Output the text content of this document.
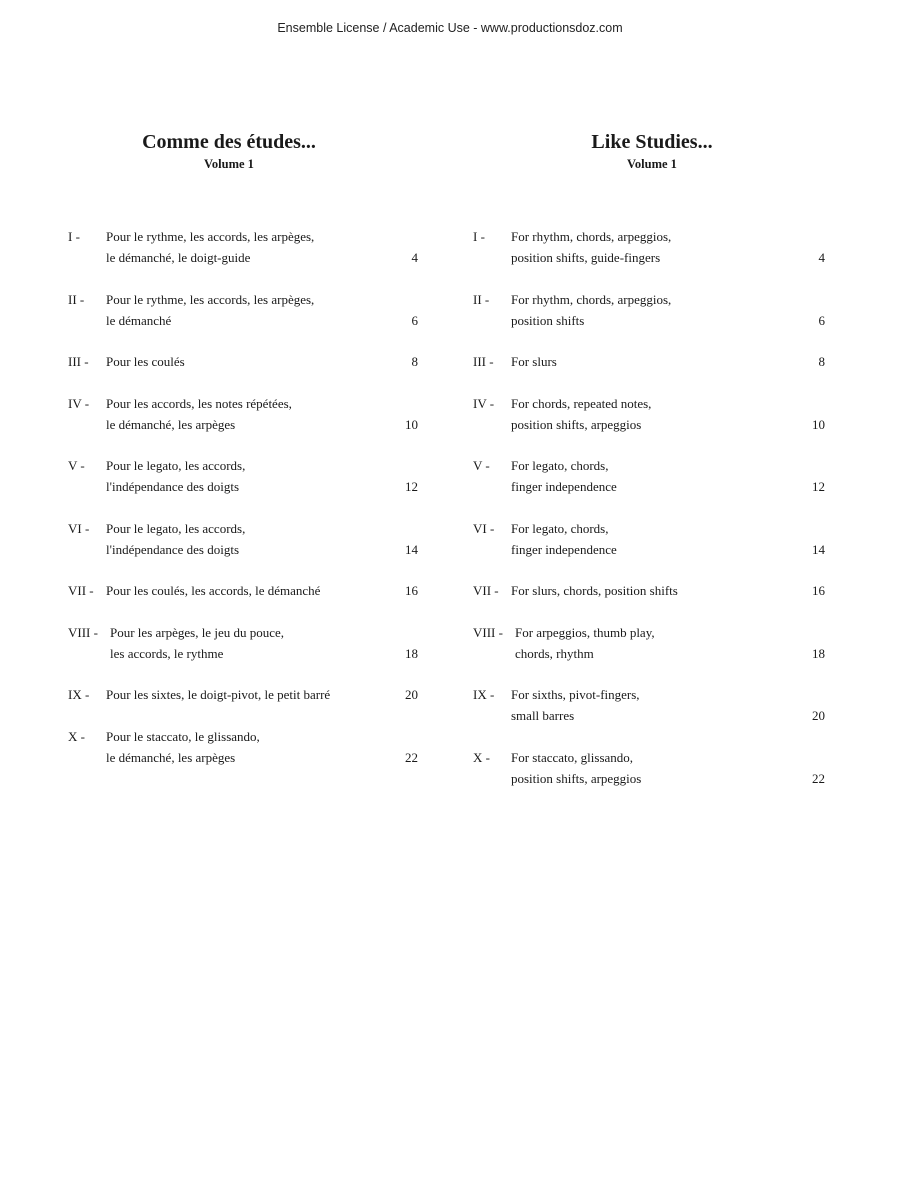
Ensemble License / Academic Use - www.productionsdoz.com
Comme des études...
Volume 1
I - Pour le rythme, les accords, les arpèges,
le démanché, le doigt-guide	4
II - Pour le rythme, les accords, les arpèges,
le démanché	6
III - Pour les coulés	8
IV - Pour les accords, les notes répétées,
le démanché, les arpèges	10
V - Pour le legato, les accords,
l'indépendance des doigts	12
VI - Pour le legato, les accords,
l'indépendance des doigts	14
VII - Pour les coulés, les accords, le démanché	16
VIII - Pour les arpèges, le jeu du pouce,
les accords, le rythme	18
IX - Pour les sixtes, le doigt-pivot, le petit barré	20
X - Pour le staccato, le glissando,
le démanché, les arpèges	22
Like Studies...
Volume 1
I - For rhythm, chords, arpeggios,
position shifts, guide-fingers	4
II - For rhythm, chords, arpeggios,
position shifts	6
III - For slurs	8
IV - For chords, repeated notes,
position shifts, arpeggios	10
V - For legato, chords,
finger independence	12
VI - For legato, chords,
finger independence	14
VII - For slurs, chords, position shifts	16
VIII - For arpeggios, thumb play,
chords, rhythm	18
IX - For sixths, pivot-fingers,
small barres	20
X - For staccato, glissando,
position shifts, arpeggios	22
